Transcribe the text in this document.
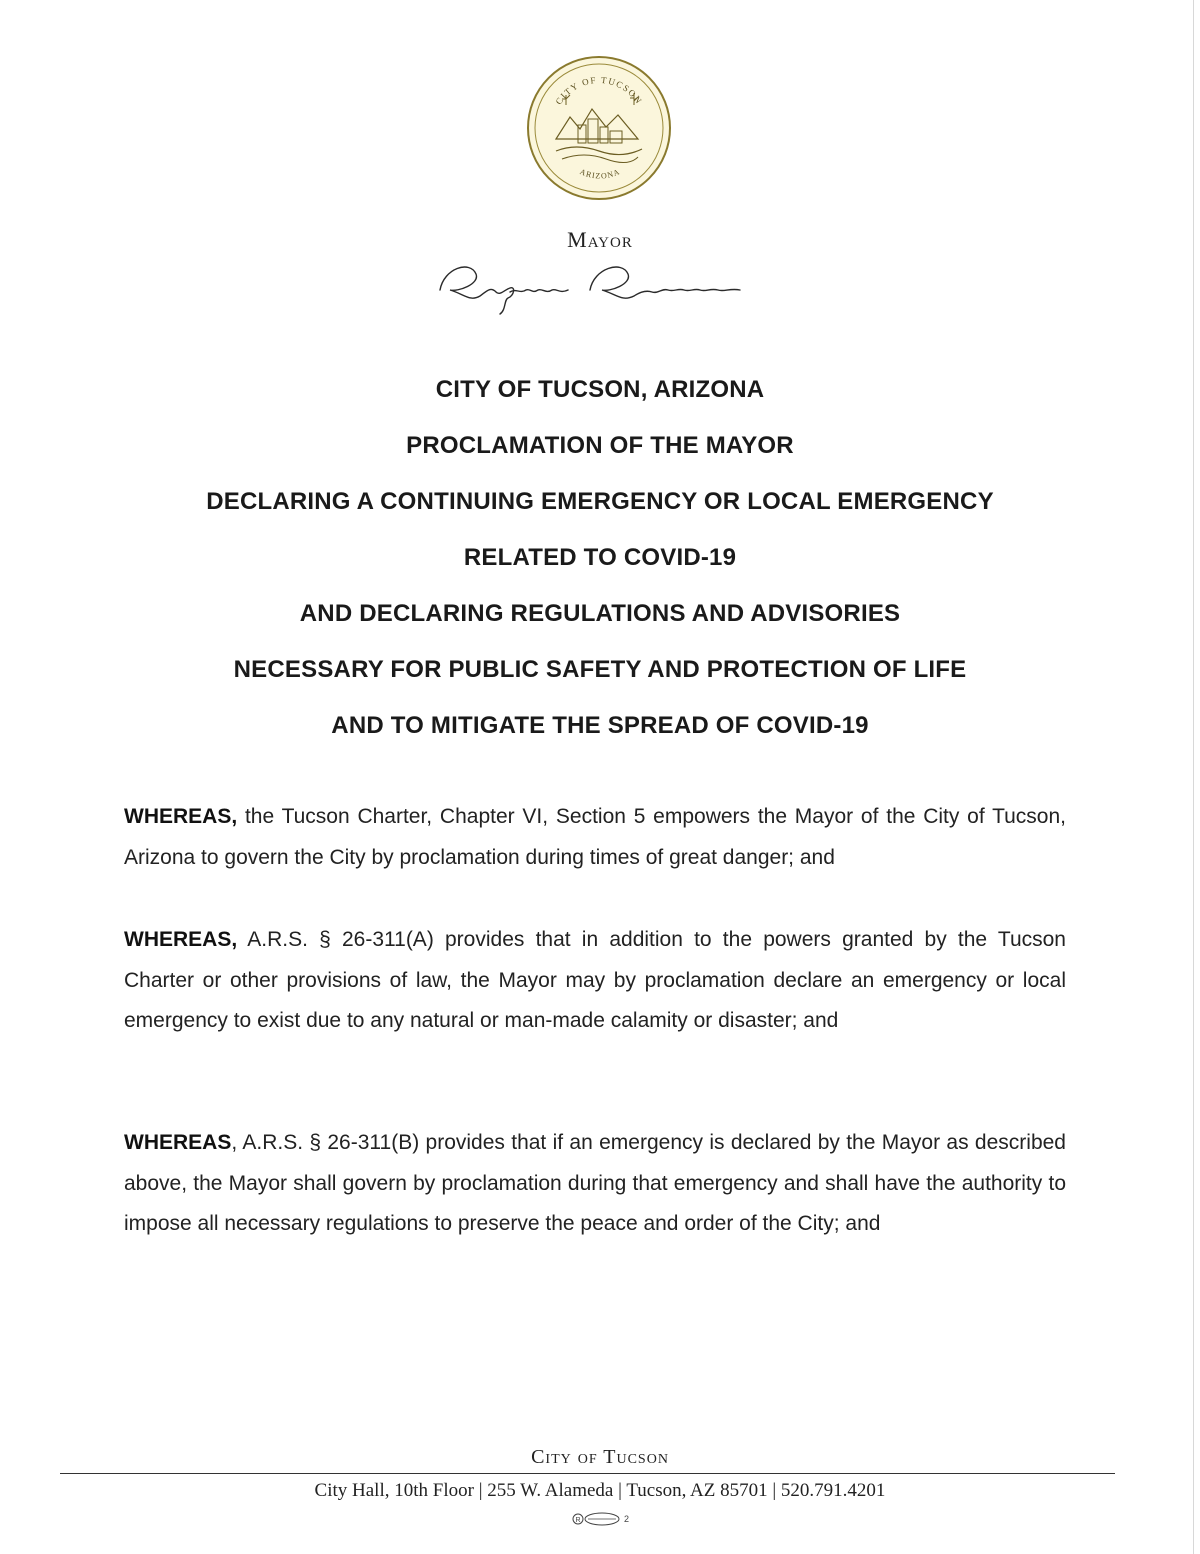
CITY OF TUCSON
ARIZONA
Mayor
CITY OF TUCSON, ARIZONA
PROCLAMATION OF THE MAYOR
DECLARING A CONTINUING EMERGENCY OR LOCAL EMERGENCY
RELATED TO COVID-19
AND DECLARING REGULATIONS AND ADVISORIES
NECESSARY FOR PUBLIC SAFETY AND PROTECTION OF LIFE
AND TO MITIGATE THE SPREAD OF COVID-19
WHEREAS, the Tucson Charter, Chapter VI, Section 5 empowers the Mayor of the City of Tucson, Arizona to govern the City by proclamation during times of great danger; and
WHEREAS, A.R.S. § 26-311(A) provides that in addition to the powers granted by the Tucson Charter or other provisions of law, the Mayor may by proclamation declare an emergency or local emergency to exist due to any natural or man-made calamity or disaster; and
WHEREAS, A.R.S. § 26-311(B) provides that if an emergency is declared by the Mayor as described above, the Mayor shall govern by proclamation during that emergency and shall have the authority to impose all necessary regulations to preserve the peace and order of the City; and
City of Tucson
City Hall, 10th Floor | 255 W. Alameda | Tucson, AZ 85701 | 520.791.4201
R	2
